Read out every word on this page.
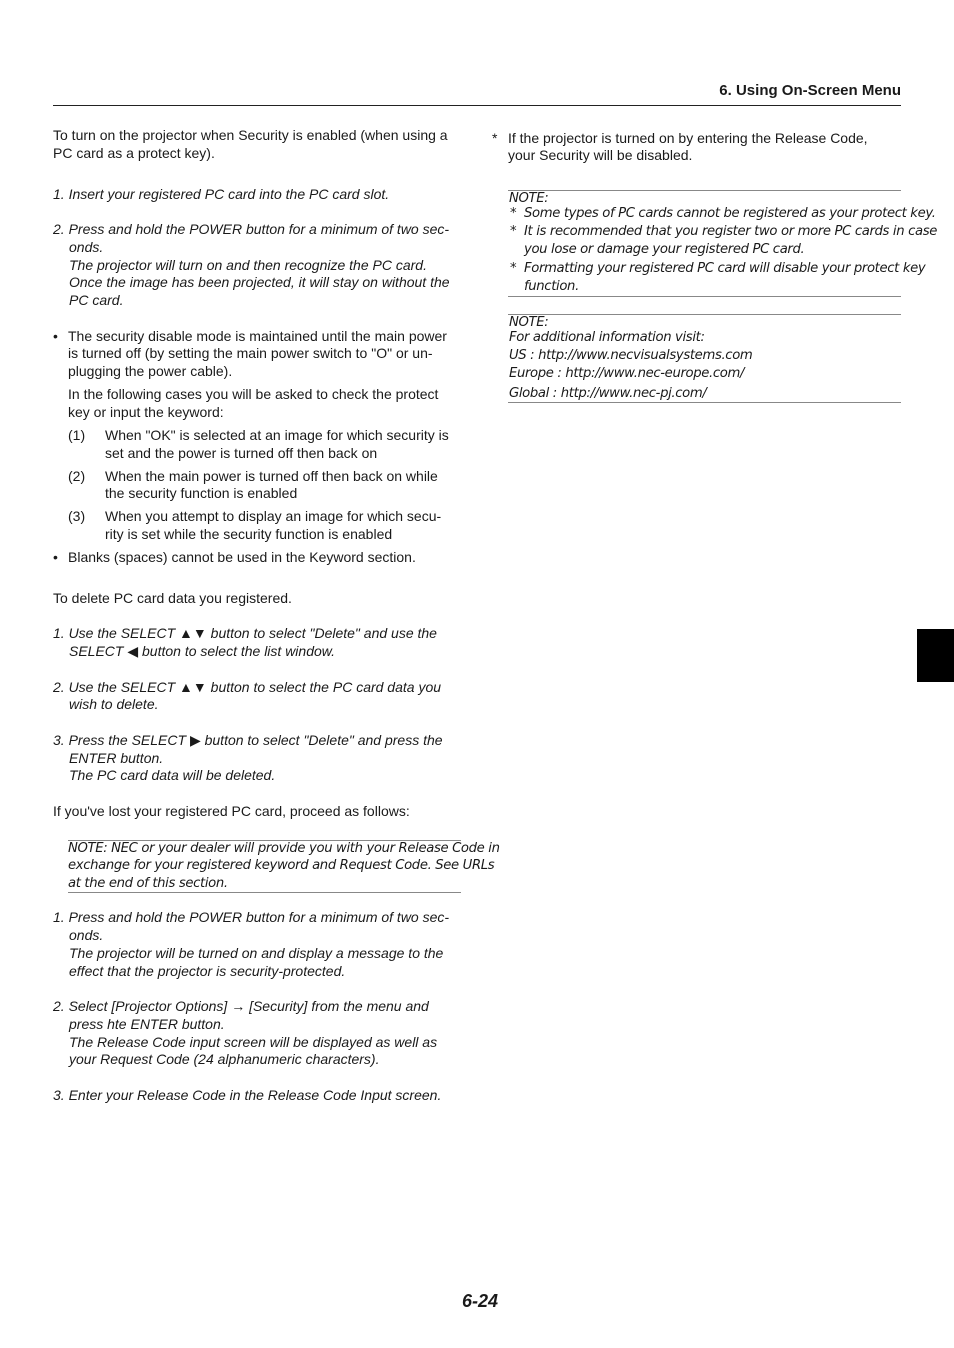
6. Using On-Screen Menu
To turn on the projector when Security is enabled (when using a
PC card as a protect key).
1. Insert your registered PC card into the PC card slot.
2. Press and hold the POWER button for a minimum of two sec-
onds.
The projector will turn on and then recognize the PC card.
Once the image has been projected, it will stay on without the
PC card.
• The security disable mode is maintained until the main power
is turned off (by setting the main power switch to "O" or un-
plugging the power cable).
In the following cases you will be asked to check the protect
key or input the keyword:
(1) When "OK" is selected at an image for which security is
set and the power is turned off then back on
(2) When the main power is turned off then back on while
the security function is enabled
(3) When you attempt to display an image for which secu-
rity is set while the security function is enabled
• Blanks (spaces) cannot be used in the Keyword section.
To delete PC card data you registered.
1. Use the SELECT ▲▼ button to select "Delete" and use the
SELECT ◀ button to select the list window.
2. Use the SELECT ▲▼ button to select the PC card data you
wish to delete.
3. Press the SELECT ▶ button to select "Delete" and press the
ENTER button.
The PC card data will be deleted.
If you've lost your registered PC card, proceed as follows:
NOTE: NEC or your dealer will provide you with your Release Code in
exchange for your registered keyword and Request Code. See URLs
at the end of this section.
1. Press and hold the POWER button for a minimum of two sec-
onds.
The projector will be turned on and display a message to the
effect that the projector is security-protected.
2. Select [Projector Options] → [Security] from the menu and
press hte ENTER button.
The Release Code input screen will be displayed as well as
your Request Code (24 alphanumeric characters).
3. Enter your Release Code in the Release Code Input screen.
* If the projector is turned on by entering the Release Code,
your Security will be disabled.
NOTE:
* Some types of PC cards cannot be registered as your protect key.
* It is recommended that you register two or more PC cards in case
you lose or damage your registered PC card.
* Formatting your registered PC card will disable your protect key
function.
NOTE:
For additional information visit:
US : http://www.necvisualsystems.com
Europe : http://www.nec-europe.com/
Global : http://www.nec-pj.com/
6-24
